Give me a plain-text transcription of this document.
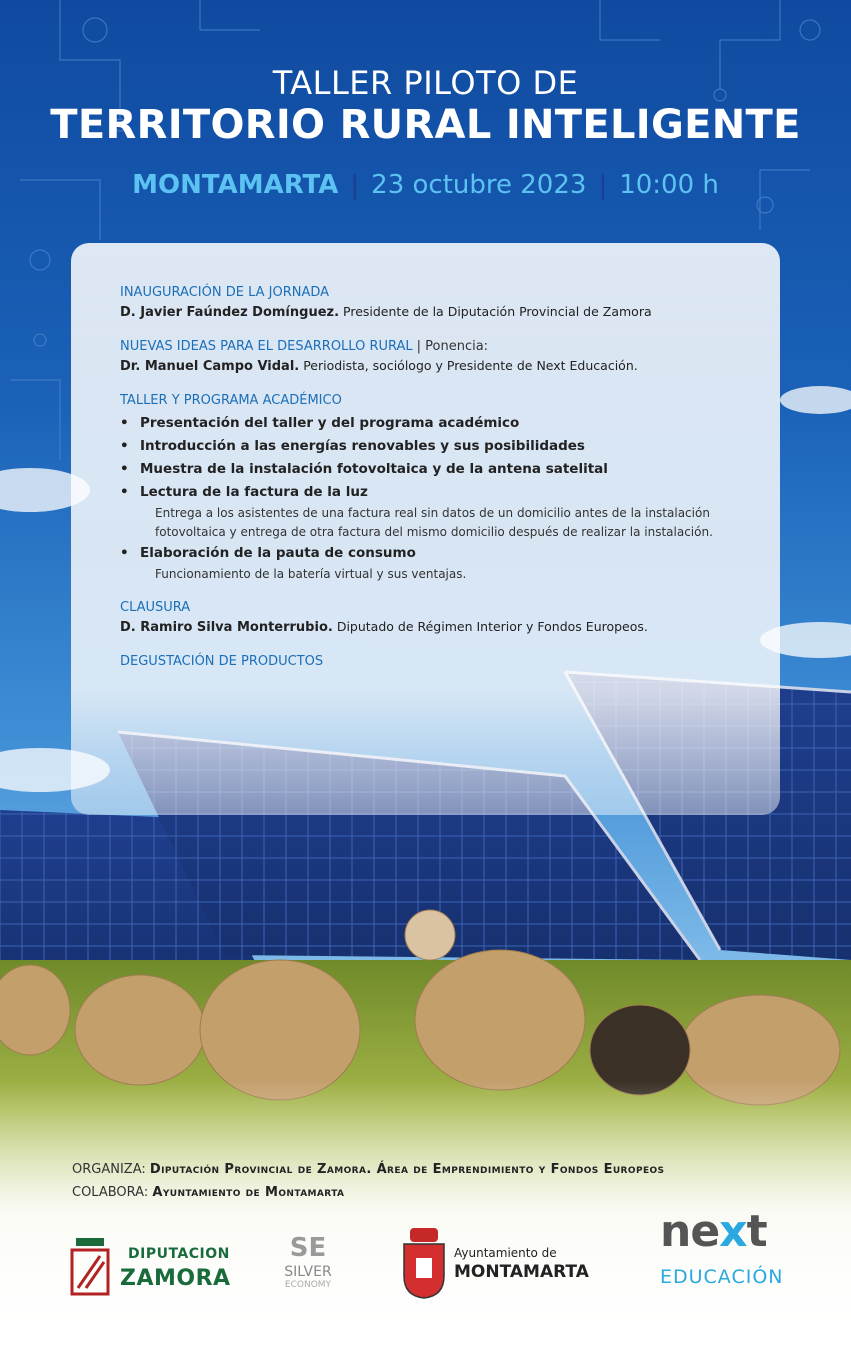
TALLER PILOTO DE
TERRITORIO RURAL INTELIGENTE
MONTAMARTA | 23 octubre 2023 | 10:00 h
INAUGURACIÓN DE LA JORNADA
D. Javier Faúndez Domínguez. Presidente de la Diputación Provincial de Zamora
NUEVAS IDEAS PARA EL DESARROLLO RURAL | Ponencia:
Dr. Manuel Campo Vidal. Periodista, sociólogo y Presidente de Next Educación.
TALLER Y PROGRAMA ACADÉMICO
• Presentación del taller y del programa académico
• Introducción a las energías renovables y sus posibilidades
• Muestra de la instalación fotovoltaica y de la antena satelital
• Lectura de la factura de la luz
Entrega a los asistentes de una factura real sin datos de un domicilio antes de la instalación fotovoltaica y entrega de otra factura del mismo domicilio después de realizar la instalación.
• Elaboración de la pauta de consumo
Funcionamiento de la batería virtual y sus ventajas.
CLAUSURA
D. Ramiro Silva Monterrubio. Diputado de Régimen Interior y Fondos Europeos.
DEGUSTACIÓN DE PRODUCTOS
ORGANIZA: Diputación Provincial de Zamora. Área de Emprendimiento y Fondos Europeos
COLABORA: Ayuntamiento de Montamarta
DIPUTACION
ZAMORA
SE
SILVER
ECONOMY
Ayuntamiento de
MONTAMARTA
next
EDUCACIÓN
